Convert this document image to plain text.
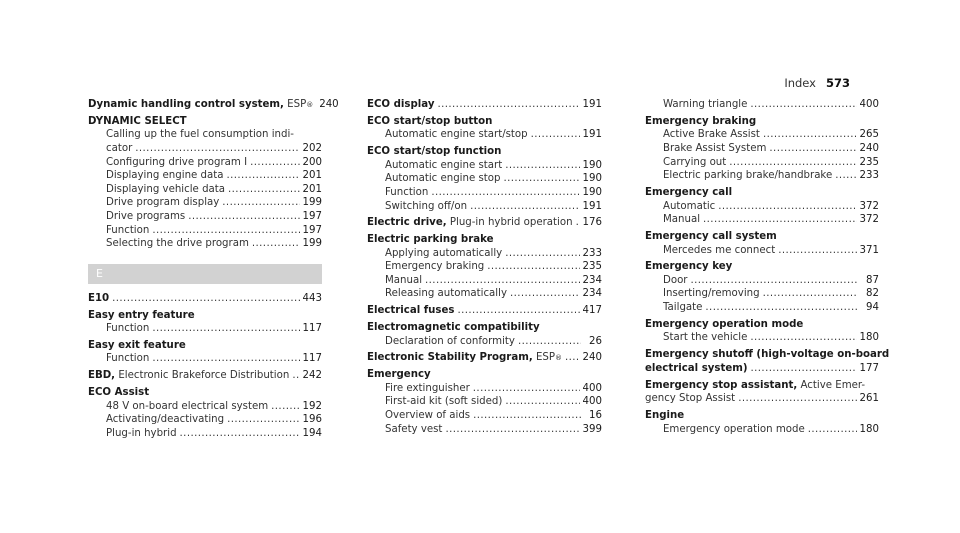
Index 573
Dynamic handling control system,
ESP ® 240
DYNAMIC SELECT
Calling up the fuel consumption indi-
cator .....	202
Configuring drive program I .....	200
Displaying engine data .....	201
Displaying vehicle data .....	201
Drive program display .....	199
Drive programs .....	197
Function .....	197
Selecting the drive program .....	199
E
E10 .....	443
Easy entry feature
Function .....	117
Easy exit feature
Function .....	117
EBD,
Electronic Brakeforce Distribution ..... 242
ECO Assist
48 V on-board electrical system .....	192
Activating/deactivating .....	196
Plug-in hybrid .....	194
ECO display .....	191
ECO start/stop button
Automatic engine start/stop .....	191
ECO start/stop function
Automatic engine start .....	190
Automatic engine stop .....	190
Function .....	190
Switching off/on .....	191
Electric drive,
Plug-in hybrid operation ..... 176
Electric parking brake
Applying automatically .....	233
Emergency braking .....	235
Manual .....	234
Releasing automatically .....	234
Electrical fuses .....	417
Electromagnetic compatibility
Declaration of conformity .....	26
Electronic Stability Program,
ESP ® ..... 240
Emergency
Fire extinguisher .....	400
First-aid kit (soft sided) .....	400
Overview of aids .....	16
Safety vest .....	399
Warning triangle .....	400
Emergency braking
Active Brake Assist .....	265
Brake Assist System .....	240
Carrying out .....	235
Electric parking brake/handbrake .....	233
Emergency call
Automatic .....	372
Manual .....	372
Emergency call system
Mercedes me connect .....	371
Emergency key
Door .....	87
Inserting/removing .....	82
Tailgate .....	94
Emergency operation mode
Start the vehicle .....	180
Emergency shutoff (high-voltage on-board
electrical system) .....	177
Emergency stop assistant,
Active Emer-
gency Stop Assist .....	261
Engine
Emergency operation mode .....	180
